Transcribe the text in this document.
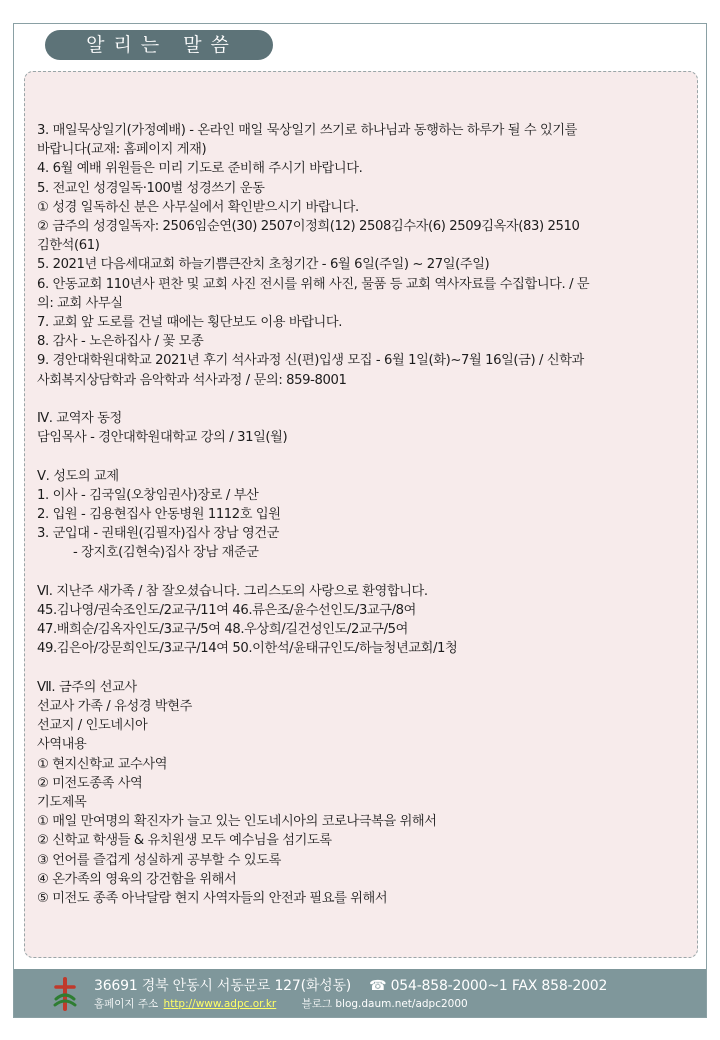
알리는 말씀
3. 매일묵상일기(가정예배) - 온라인 매일 묵상일기 쓰기로 하나님과 동행하는 하루가 될 수 있기를
바랍니다(교재: 홈페이지 게재)
4. 6월 예배 위원들은 미리 기도로 준비해 주시기 바랍니다.
5. 전교인 성경일독·100벌 성경쓰기 운동
① 성경 일독하신 분은 사무실에서 확인받으시기 바랍니다.
② 금주의 성경일독자: 2506임순연(30) 2507이정희(12) 2508김수자(6) 2509김옥자(83) 2510
김한석(61)
5. 2021년 다음세대교회 하늘기쁨큰잔치 초청기간 - 6월 6일(주일) ~ 27일(주일)
6. 안동교회 110년사 편찬 및 교회 사진 전시를 위해 사진, 물품 등 교회 역사자료를 수집합니다. / 문
의: 교회 사무실
7. 교회 앞 도로를 건널 때에는 횡단보도 이용 바랍니다.
8. 감사 - 노은하집사 / 꽃 모종
9. 경안대학원대학교 2021년 후기 석사과정 신(편)입생 모집 - 6월 1일(화)~7월 16일(금) / 신학과
사회복지상담학과 음악학과 석사과정 / 문의: 859-8001
Ⅳ. 교역자 동정
담임목사 - 경안대학원대학교 강의 / 31일(월)
Ⅴ. 성도의 교제
1. 이사 - 김국일(오창임권사)장로 / 부산
2. 입원 - 김용현집사 안동병원 1112호 입원
3. 군입대 - 권태원(김필자)집사 장남 영건군
- 장지호(김현숙)집사 장남 재준군
Ⅵ. 지난주 새가족 / 참 잘오셨습니다. 그리스도의 사랑으로 환영합니다.
45.김나영/권숙조인도/2교구/11여 46.류은조/윤수선인도/3교구/8여
47.배희순/김옥자인도/3교구/5여 48.우상희/길건성인도/2교구/5여
49.김은아/강문희인도/3교구/14여 50.이한석/윤태규인도/하늘청년교회/1청
Ⅶ. 금주의 선교사
선교사 가족 / 유성경 박현주
선교지 / 인도네시아
사역내용
① 현지신학교 교수사역
② 미전도종족 사역
기도제목
① 매일 만여명의 확진자가 늘고 있는 인도네시아의 코로나극복을 위해서
② 신학교 학생들 & 유치원생 모두 예수님을 섬기도록
③ 언어를 즐겁게 성실하게 공부할 수 있도록
④ 온가족의 영육의 강건함을 위해서
⑤ 미전도 종족 아낙달람 현지 사역자들의 안전과 필요를 위해서
36691 경북 안동시 서동문로 127(화성동) ☎ 054-858-2000~1 FAX 858-2002
홈페이지 주소 http://www.adpc.or.kr 블로그 blog.daum.net/adpc2000
